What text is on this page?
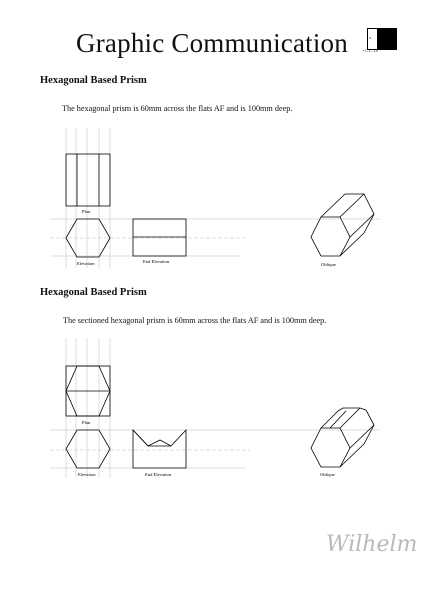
Graphic Communication	≡
• C.L. Lo
Hexagonal Based Prism
The hexagonal prism is 60mm across the flats AF and is 100mm deep.
Plan
Elevation	End Elevation
Oblique
Hexagonal Based Prism
The sectioned hexagonal prism is 60mm across the flats AF and is 100mm deep.
Plan
Elevation	End Elevation	Oblique
Wilhelm
